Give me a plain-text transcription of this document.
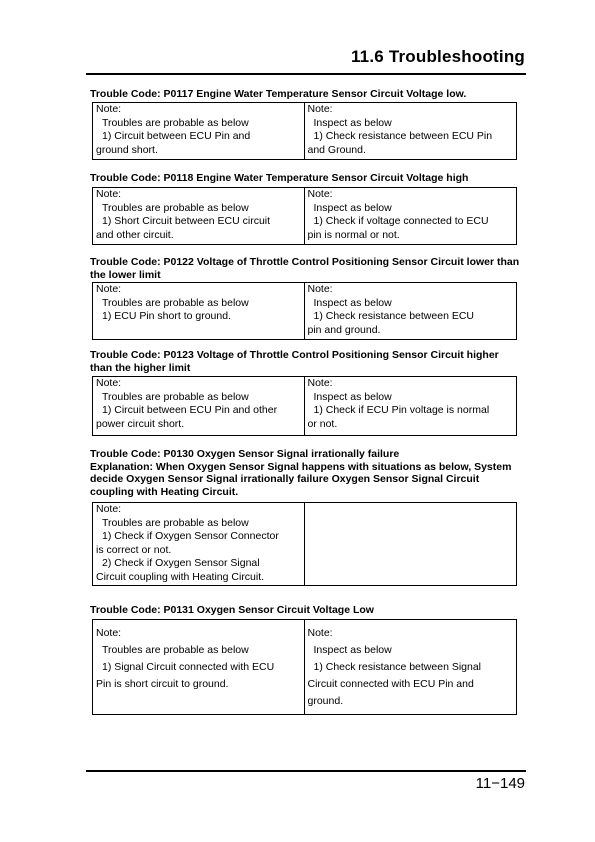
11.6 Troubleshooting
Trouble Code: P0117 Engine Water Temperature Sensor Circuit Voltage low.

Note:

Troubles are probable as below

1) Circuit between ECU Pin and

ground short.

Note:

Inspect as below

1) Check resistance between ECU Pin

and Ground.

Trouble Code: P0118 Engine Water Temperature Sensor Circuit Voltage high

Note:

Troubles are probable as below

1) Short Circuit between ECU circuit

and other circuit.

Note:

Inspect as below

1) Check if voltage connected to ECU

pin is normal or not.

Trouble Code: P0122 Voltage of Throttle Control Positioning Sensor Circuit lower than the lower limit

Note:

Troubles are probable as below

1) ECU Pin short to ground.

Note:

Inspect as below

1) Check resistance between ECU

pin and ground.

Trouble Code: P0123 Voltage of Throttle Control Positioning Sensor Circuit higher than the higher limit

Note:

Troubles are probable as below

1) Circuit between ECU Pin and other

power circuit short.

Note:

Inspect as below

1) Check if ECU Pin voltage is normal

or not.

Trouble Code: P0130 Oxygen Sensor Signal irrationally failure
Explanation: When Oxygen Sensor Signal happens with situations as below, System decide Oxygen Sensor Signal irrationally failure Oxygen Sensor Signal Circuit coupling with Heating Circuit.

Note:

Troubles are probable as below

1) Check if Oxygen Sensor Connector

is correct or not.

2) Check if Oxygen Sensor Signal

Circuit coupling with Heating Circuit.

Trouble Code: P0131 Oxygen Sensor Circuit Voltage Low

Note:

Troubles are probable as below

1) Signal Circuit connected with ECU

Pin is short circuit to ground.

Note:

Inspect as below

1) Check resistance between Signal

Circuit connected with ECU Pin and

ground.

11−149
